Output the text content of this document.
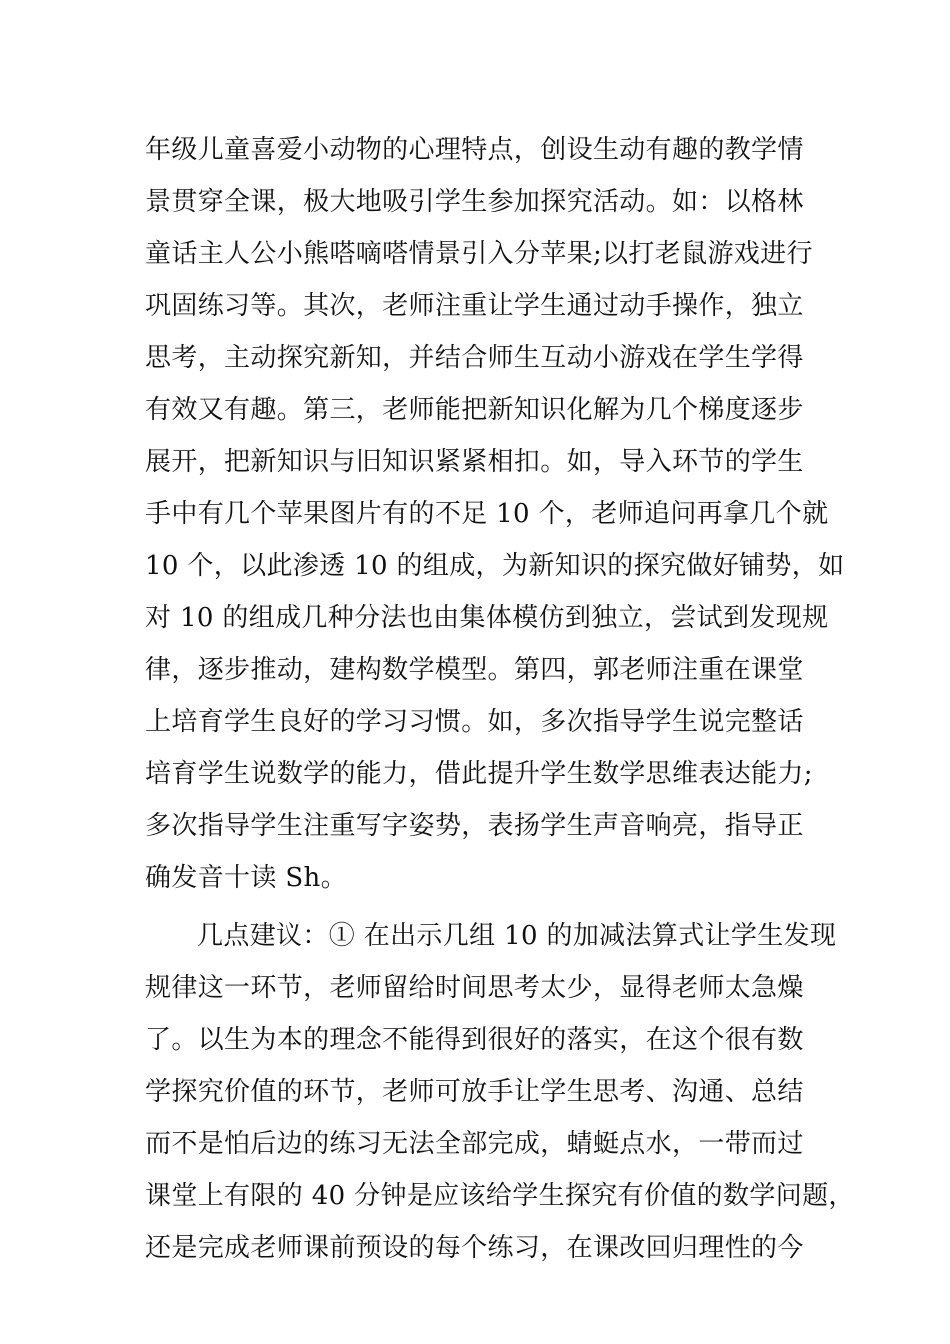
年级儿童喜爱小动物的心理特点，创设生动有趣的教学情
景贯穿全课，极大地吸引学生参加探究活动。如：以格林
童话主人公小熊嗒嘀嗒情景引入分苹果;以打老鼠游戏进行
巩固练习等。其次，老师注重让学生通过动手操作，独立
思考，主动探究新知，并结合师生互动小游戏在学生学得
有效又有趣。第三，老师能把新知识化解为几个梯度逐步
展开，把新知识与旧知识紧紧相扣。如，导入环节的学生
手中有几个苹果图片有的不足 10 个，老师追问再拿几个就
10 个，以此渗透 10 的组成，为新知识的探究做好铺势，如
对 10 的组成几种分法也由集体模仿到独立，尝试到发现规
律，逐步推动，建构数学模型。第四，郭老师注重在课堂
上培育学生良好的学习习惯。如，多次指导学生说完整话
培育学生说数学的能力，借此提升学生数学思维表达能力;
多次指导学生注重写字姿势，表扬学生声音响亮，指导正
确发音十读 Sh。
几点建议：① 在出示几组 10 的加减法算式让学生发现
规律这一环节，老师留给时间思考太少，显得老师太急燥
了。以生为本的理念不能得到很好的落实，在这个很有数
学探究价值的环节，老师可放手让学生思考、沟通、总结
而不是怕后边的练习无法全部完成，蜻蜓点水，一带而过
课堂上有限的 40 分钟是应该给学生探究有价值的数学问题，
还是完成老师课前预设的每个练习，在课改回归理性的今
